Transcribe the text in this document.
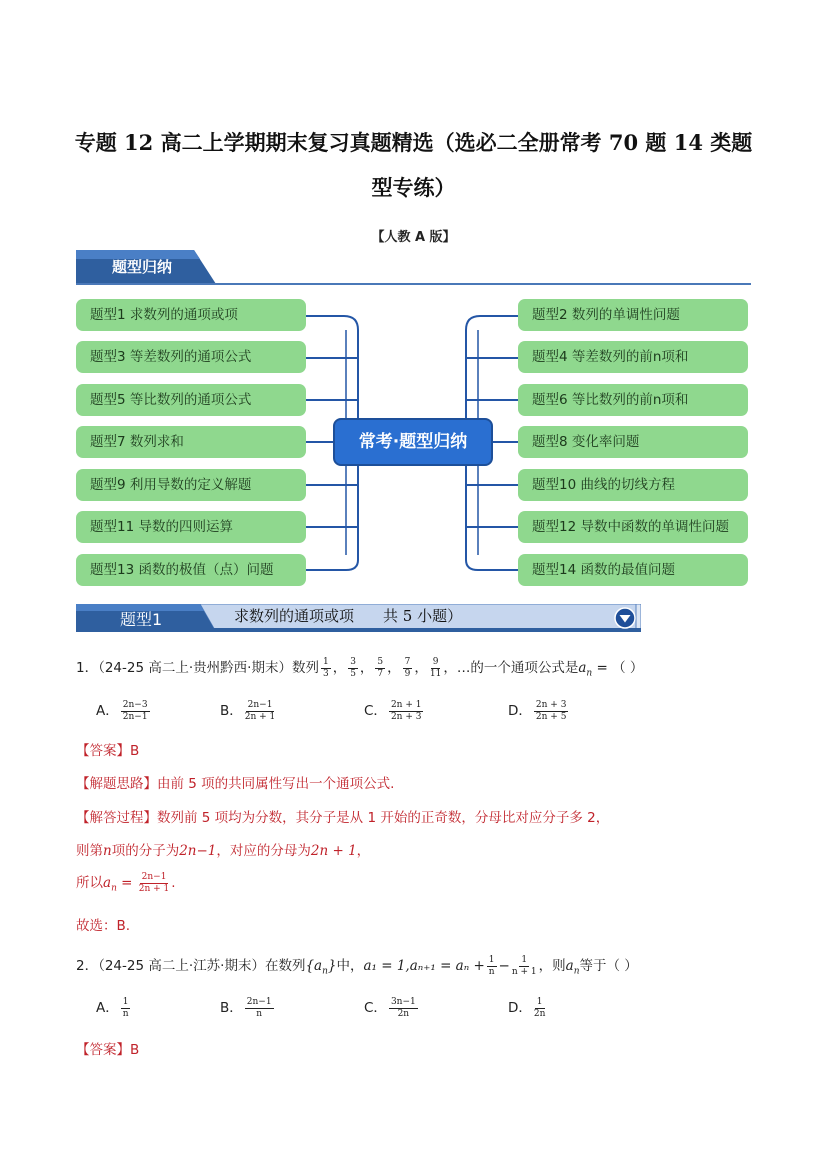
专题 12 高二上学期期末复习真题精选（选必二全册常考 70 题 14 类题
型专练）
【人教 A 版】
题型归纳
题型1 求数列的通项或项
题型3 等差数列的通项公式
题型5 等比数列的通项公式
题型7 数列求和
题型9 利用导数的定义解题
题型11 导数的四则运算
题型13 函数的极值（点）问题
题型2 数列的单调性问题
题型4 等差数列的前n项和
题型6 等比数列的前n项和
题型8 变化率问题
题型10 曲线的切线方程
题型12 导数中函数的单调性问题
题型14 函数的最值问题
常考·题型归纳
题型1	求数列的通项或项 共 5 小题）
1．（24-25 高二上·贵州黔西·期末）数列 $\frac{1}{3}$ ， $\frac{3}{5}$ ， $\frac{5}{7}$ ， $\frac{7}{9}$ ， $\frac{9}{11}$ ，…的一个通项公式是$a_n$ = （ ）
A． $\frac{2n-3}{2n-1}$	B． $\frac{2n-1}{2n + 1}$	C． $\frac{2n + 1}{2n + 3}$	D． $\frac{2n + 3}{2n + 5}$
【答案】B
【解题思路】由前 5 项的共同属性写出一个通项公式.
【解答过程】数列前 5 项均为分数，其分子是从 1 开始的正奇数，分母比对应分子多 2，
则第n项的分子为2n−1，对应的分母为2n + 1，
所以$a_n = \frac{2n-1}{2n + 1}$ .
故选：B.
2．（24-25 高二上·江苏·期末）在数列$\{a_n\}$中，$a_1 = 1,a_{n+1} = a_n + \frac{1}{n} - \frac{1}{n + 1}$ ，则$a_n$等于（ ）
A． $\frac{1}{n}$	B． $\frac{2n-1}{n}$	C． $\frac{3n-1}{2n}$	D． $\frac{1}{2n}$
【答案】B
